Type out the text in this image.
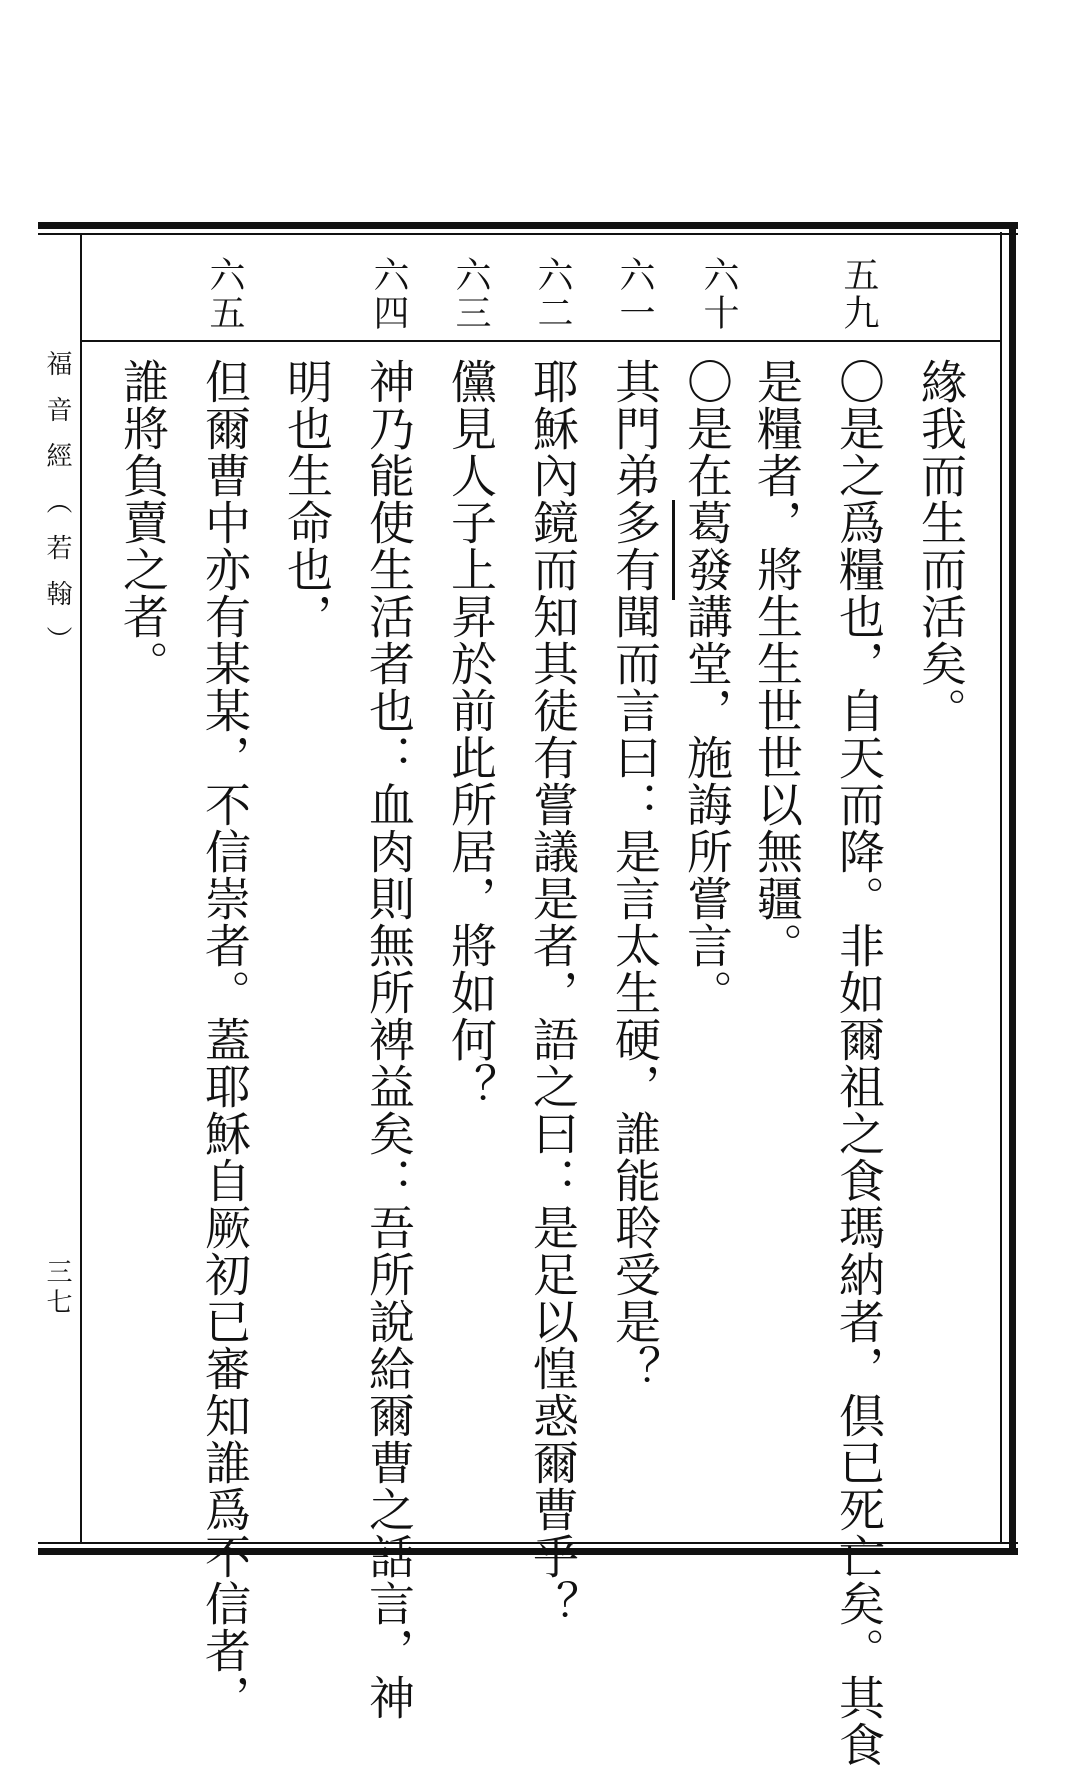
福音經（若翰）
三七
五九
六十
六一
六二
六三
六四
六五
緣我而生而活矣。
〇是之爲糧也，自天而降。非如爾祖之食瑪納者，倶已死亡矣。其食
是糧者，將生生世世以無疆。
〇是在葛發講堂，施誨所嘗言。
其門弟多有聞而言曰：是言太生硬，誰能聆受是？
耶穌內鏡而知其徒有嘗議是者，語之曰：是足以惶惑爾曹乎？
儻見人子上昇於前此所居，將如何？
神乃能使生活者也：血肉則無所裨益矣：吾所說給爾曹之話言，神
明也生命也，
但爾曹中亦有某某，不信崇者。蓋耶穌自厥初已審知誰爲不信者，
誰將負賣之者。
